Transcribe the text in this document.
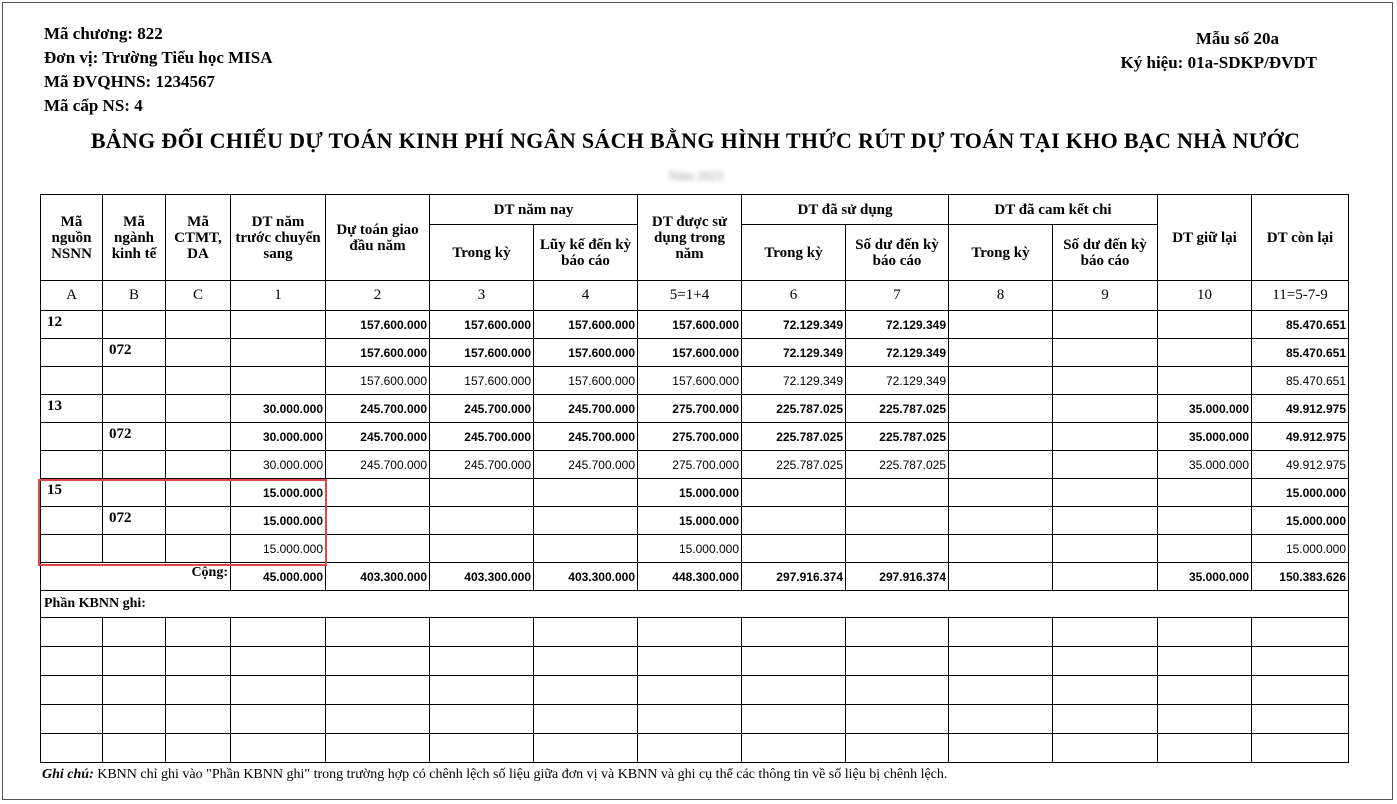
Mã chương: 822
Đơn vị: Trường Tiểu học MISA
Mã ĐVQHNS: 1234567
Mã cấp NS: 4
Mẫu số 20a
Ký hiệu: 01a-SDKP/ĐVDT
BẢNG ĐỐI CHIẾU DỰ TOÁN KINH PHÍ NGÂN SÁCH BẰNG HÌNH THỨC RÚT DỰ TOÁN TẠI KHO BẠC NHÀ NƯỚC
Năm 2023
Mã nguồn NSNN	Mã ngành kinh tế	Mã CTMT, DA	DT năm trước chuyển sang	Dự toán giao đầu năm	DT năm nay		DT được sử dụng trong năm	DT đã sử dụng		DT đã cam kết chi		DT giữ lại	DT còn lại
					Trong kỳ	Lũy kế đến kỳ báo cáo		Trong kỳ	Số dư đến kỳ báo cáo	Trong kỳ	Số dư đến kỳ báo cáo		
A	B	C	1	2	3	4	5=1+4	6	7	8	9	10	11=5-7-9
12				157.600.000	157.600.000	157.600.000	157.600.000	72.129.349	72.129.349				85.470.651
	072			157.600.000	157.600.000	157.600.000	157.600.000	72.129.349	72.129.349				85.470.651
				157.600.000	157.600.000	157.600.000	157.600.000	72.129.349	72.129.349				85.470.651
13			30.000.000	245.700.000	245.700.000	245.700.000	275.700.000	225.787.025	225.787.025			35.000.000	49.912.975
	072		30.000.000	245.700.000	245.700.000	245.700.000	275.700.000	225.787.025	225.787.025			35.000.000	49.912.975
			30.000.000	245.700.000	245.700.000	245.700.000	275.700.000	225.787.025	225.787.025			35.000.000	49.912.975
15			15.000.000				15.000.000						15.000.000
	072		15.000.000				15.000.000						15.000.000
			15.000.000				15.000.000						15.000.000
Cộng:			45.000.000	403.300.000	403.300.000	403.300.000	448.300.000	297.916.374	297.916.374			35.000.000	150.383.626
Phần KBNN ghi:													

Ghi chú: KBNN chỉ ghi vào "Phần KBNN ghi" trong trường hợp có chênh lệch số liệu giữa đơn vị và KBNN và ghi cụ thể các thông tin về số liệu bị chênh lệch.
